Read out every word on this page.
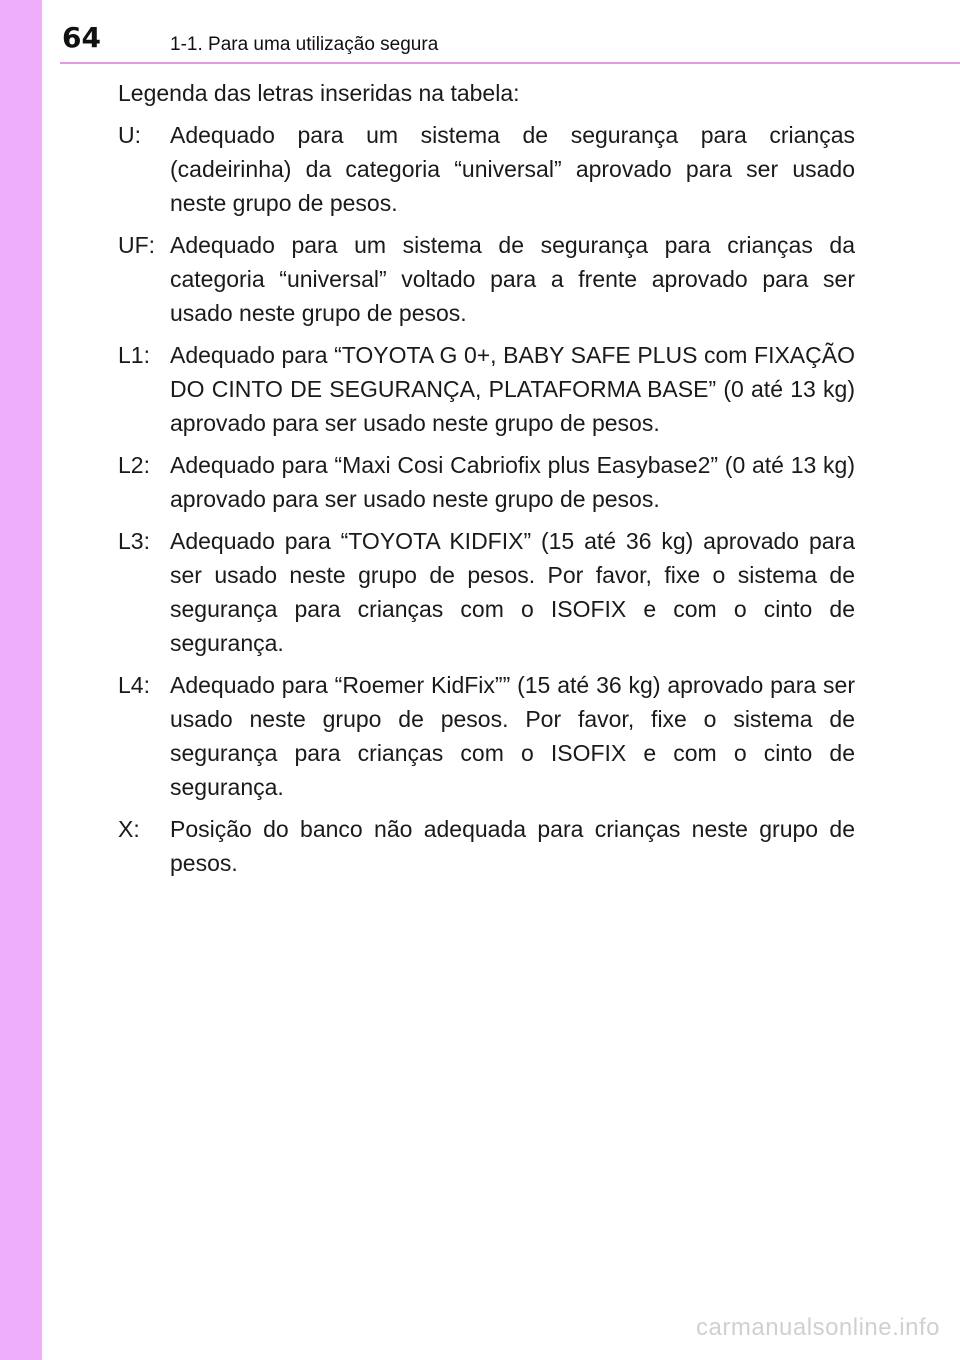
64	1-1. Para uma utilização segura

Legenda das letras inseridas na tabela:

U:	Adequado para um sistema de segurança para crianças (cadeirinha) da categoria “universal” aprovado para ser usado neste grupo de pesos.
UF: Adequado para um sistema de segurança para crianças da categoria “universal” voltado para a frente aprovado para ser usado neste grupo de pesos.
L1: Adequado para “TOYOTA G 0+, BABY SAFE PLUS com FIXAÇÃO DO CINTO DE SEGURANÇA, PLATAFORMA BASE” (0 até 13 kg) aprovado para ser usado neste grupo de pesos.
L2: Adequado para “Maxi Cosi Cabriofix plus Easybase2” (0 até 13 kg) aprovado para ser usado neste grupo de pesos.
L3: Adequado para “TOYOTA KIDFIX” (15 até 36 kg) aprovado para ser usado neste grupo de pesos. Por favor, fixe o sistema de segurança para crianças com o ISOFIX e com o cinto de segurança.
L4: Adequado para “Roemer KidFix”” (15 até 36 kg) aprovado para ser usado neste grupo de pesos. Por favor, fixe o sistema de segurança para crianças com o ISOFIX e com o cinto de segurança.
X:	Posição do banco não adequada para crianças neste grupo de pesos.
carmanualsonline.info
